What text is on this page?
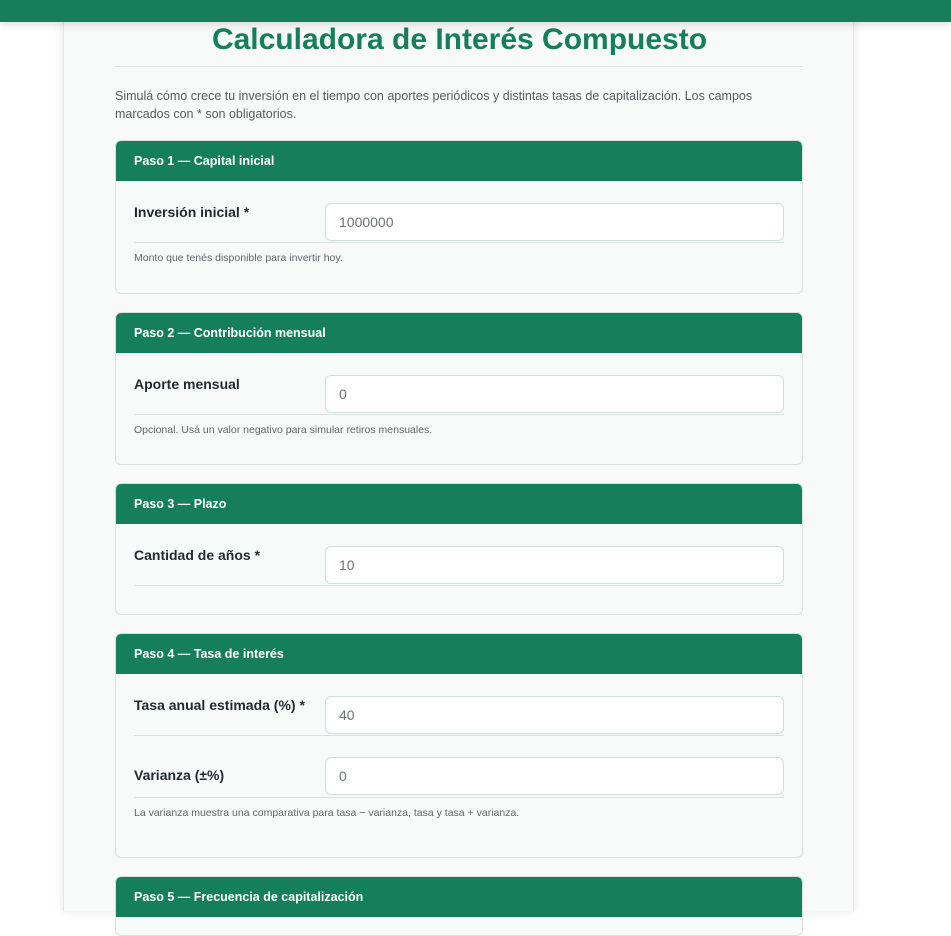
Calculadora de Interés Compuesto

Simulá cómo crece tu inversión en el tiempo con aportes periódicos y distintas tasas de capitalización. Los campos marcados con * son obligatorios.

Paso 1 — Capital inicial
Inversión inicial *
1000000
Monto que tenés disponible para invertir hoy.
Paso 2 — Contribución mensual
Aporte mensual
0
Opcional. Usá un valor negativo para simular retiros mensuales.
Paso 3 — Plazo
Cantidad de años *
10
Paso 4 — Tasa de interés
Tasa anual estimada (%) *
40
Varianza (±%)
0
La varianza muestra una comparativa para tasa − varianza, tasa y tasa + varianza.
Paso 5 — Frecuencia de capitalización
